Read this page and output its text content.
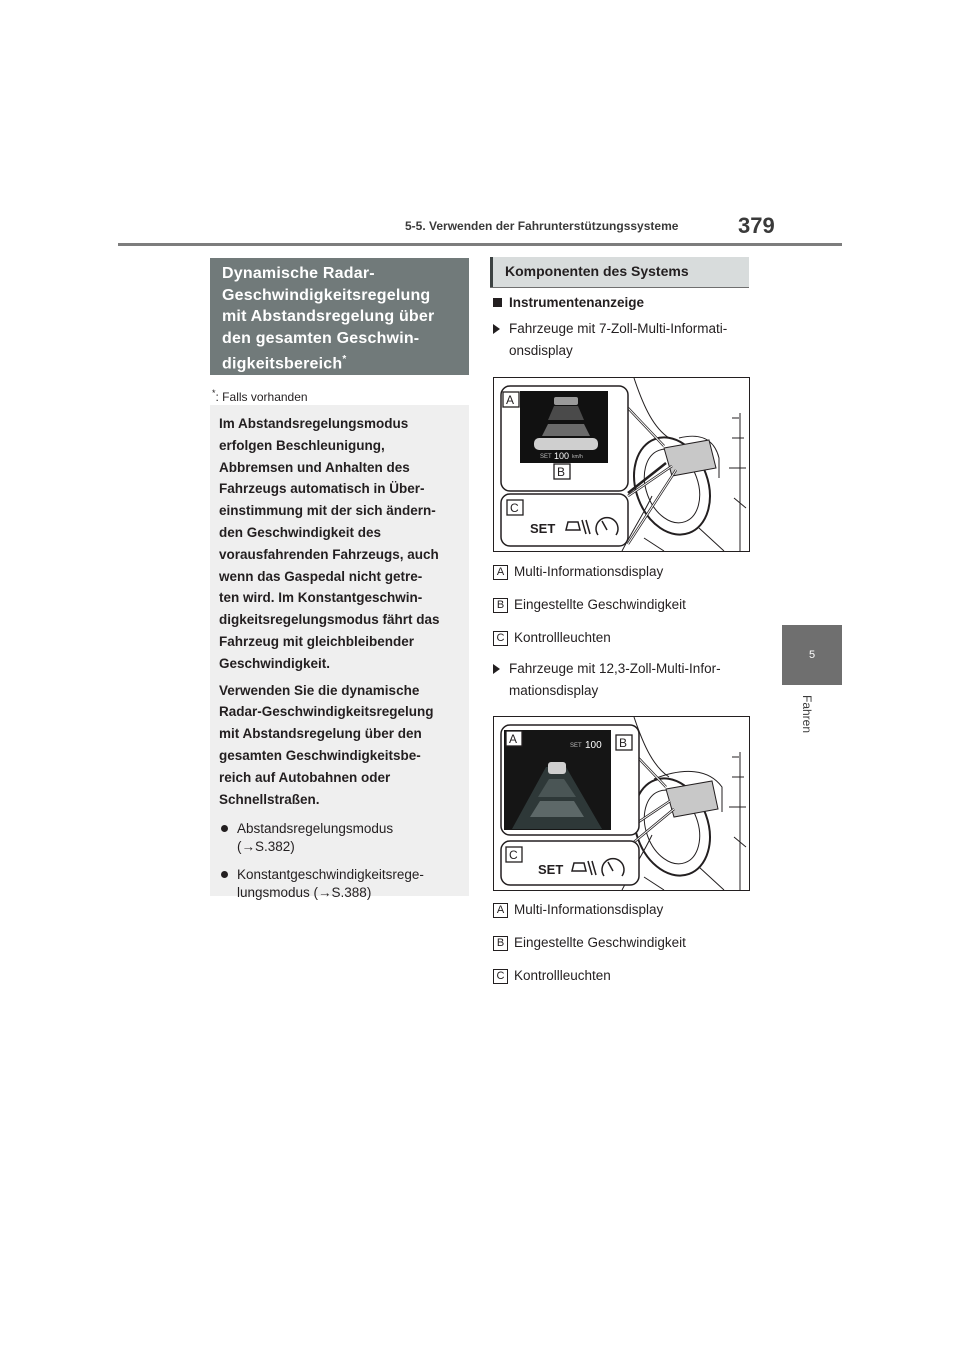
5-5. Verwenden der Fahrunterstützungssysteme	379
5
Fahren
Dynamische Radar-
Geschwindigkeitsregelung
mit Abstandsregelung über
den gesamten Geschwin-
digkeitsbereich*
*: Falls vorhanden

Im Abstandsregelungsmodus
erfolgen Beschleunigung,
Abbremsen und Anhalten des
Fahrzeugs automatisch in Über-
einstimmung mit der sich ändern-
den Geschwindigkeit des
vorausfahrenden Fahrzeugs, auch
wenn das Gaspedal nicht getre-
ten wird. Im Konstantgeschwin-
digkeitsregelungsmodus fährt das
Fahrzeug mit gleichbleibender
Geschwindigkeit.

Verwenden Sie die dynamische
Radar-Geschwindigkeitsregelung
mit Abstandsregelung über den
gesamten Geschwindigkeitsbe-
reich auf Autobahnen oder
Schnellstraßen.

Abstandsregelungsmodus
(→S.382)
Konstantgeschwindigkeitsrege-
lungsmodus (→S.388)
Komponenten des Systems
Instrumentenanzeige
Fahrzeuge mit 7-Zoll-Multi-Informati-
onsdisplay
SET 100 km/h
A
B
C
SET
A Multi-Informationsdisplay
B Eingestellte Geschwindigkeit
C Kontrollleuchten
Fahrzeuge mit 12,3-Zoll-Multi-Infor-
mationsdisplay
SET 100
A	B
C
SET
A Multi-Informationsdisplay
B Eingestellte Geschwindigkeit
C Kontrollleuchten
